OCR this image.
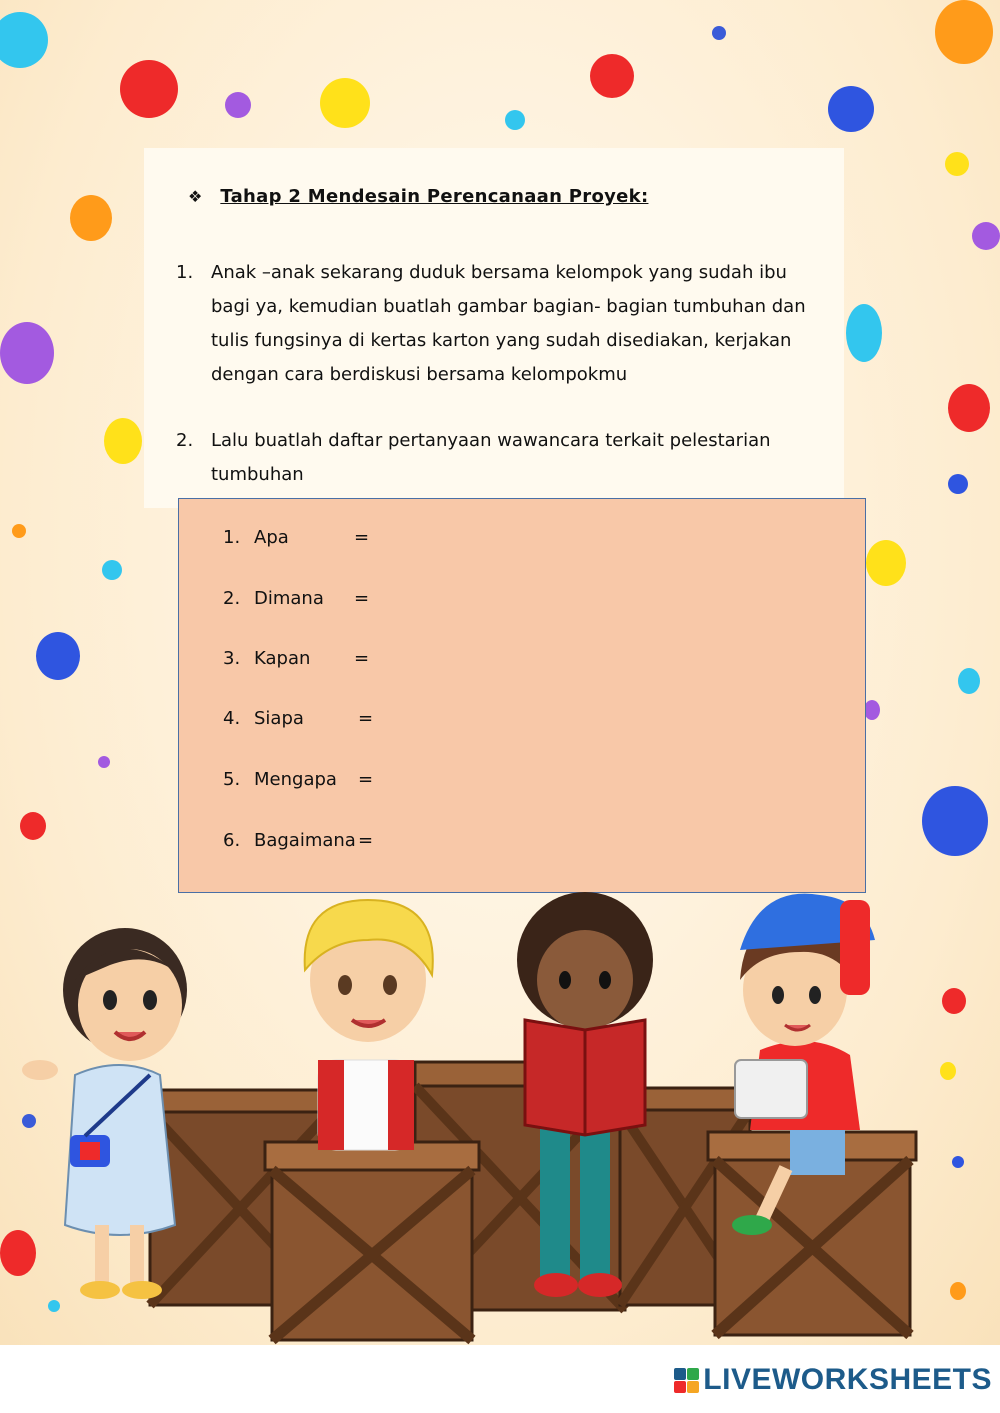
❖ Tahap 2 Mendesain Perencanaan Proyek:
1. Anak –anak sekarang duduk bersama kelompok yang sudah ibu bagi ya, kemudian buatlah gambar bagian- bagian tumbuhan dan tulis fungsinya di kertas karton yang sudah disediakan, kerjakan dengan cara berdiskusi bersama kelompokmu
2. Lalu buatlah daftar pertanyaan wawancara terkait pelestarian tumbuhan
1. Apa	=
2. Dimana	=
3. Kapan	=
4. Siapa	=
5. Mengapa	=
6. Bagaimana =
LIVEWORKSHEETS
